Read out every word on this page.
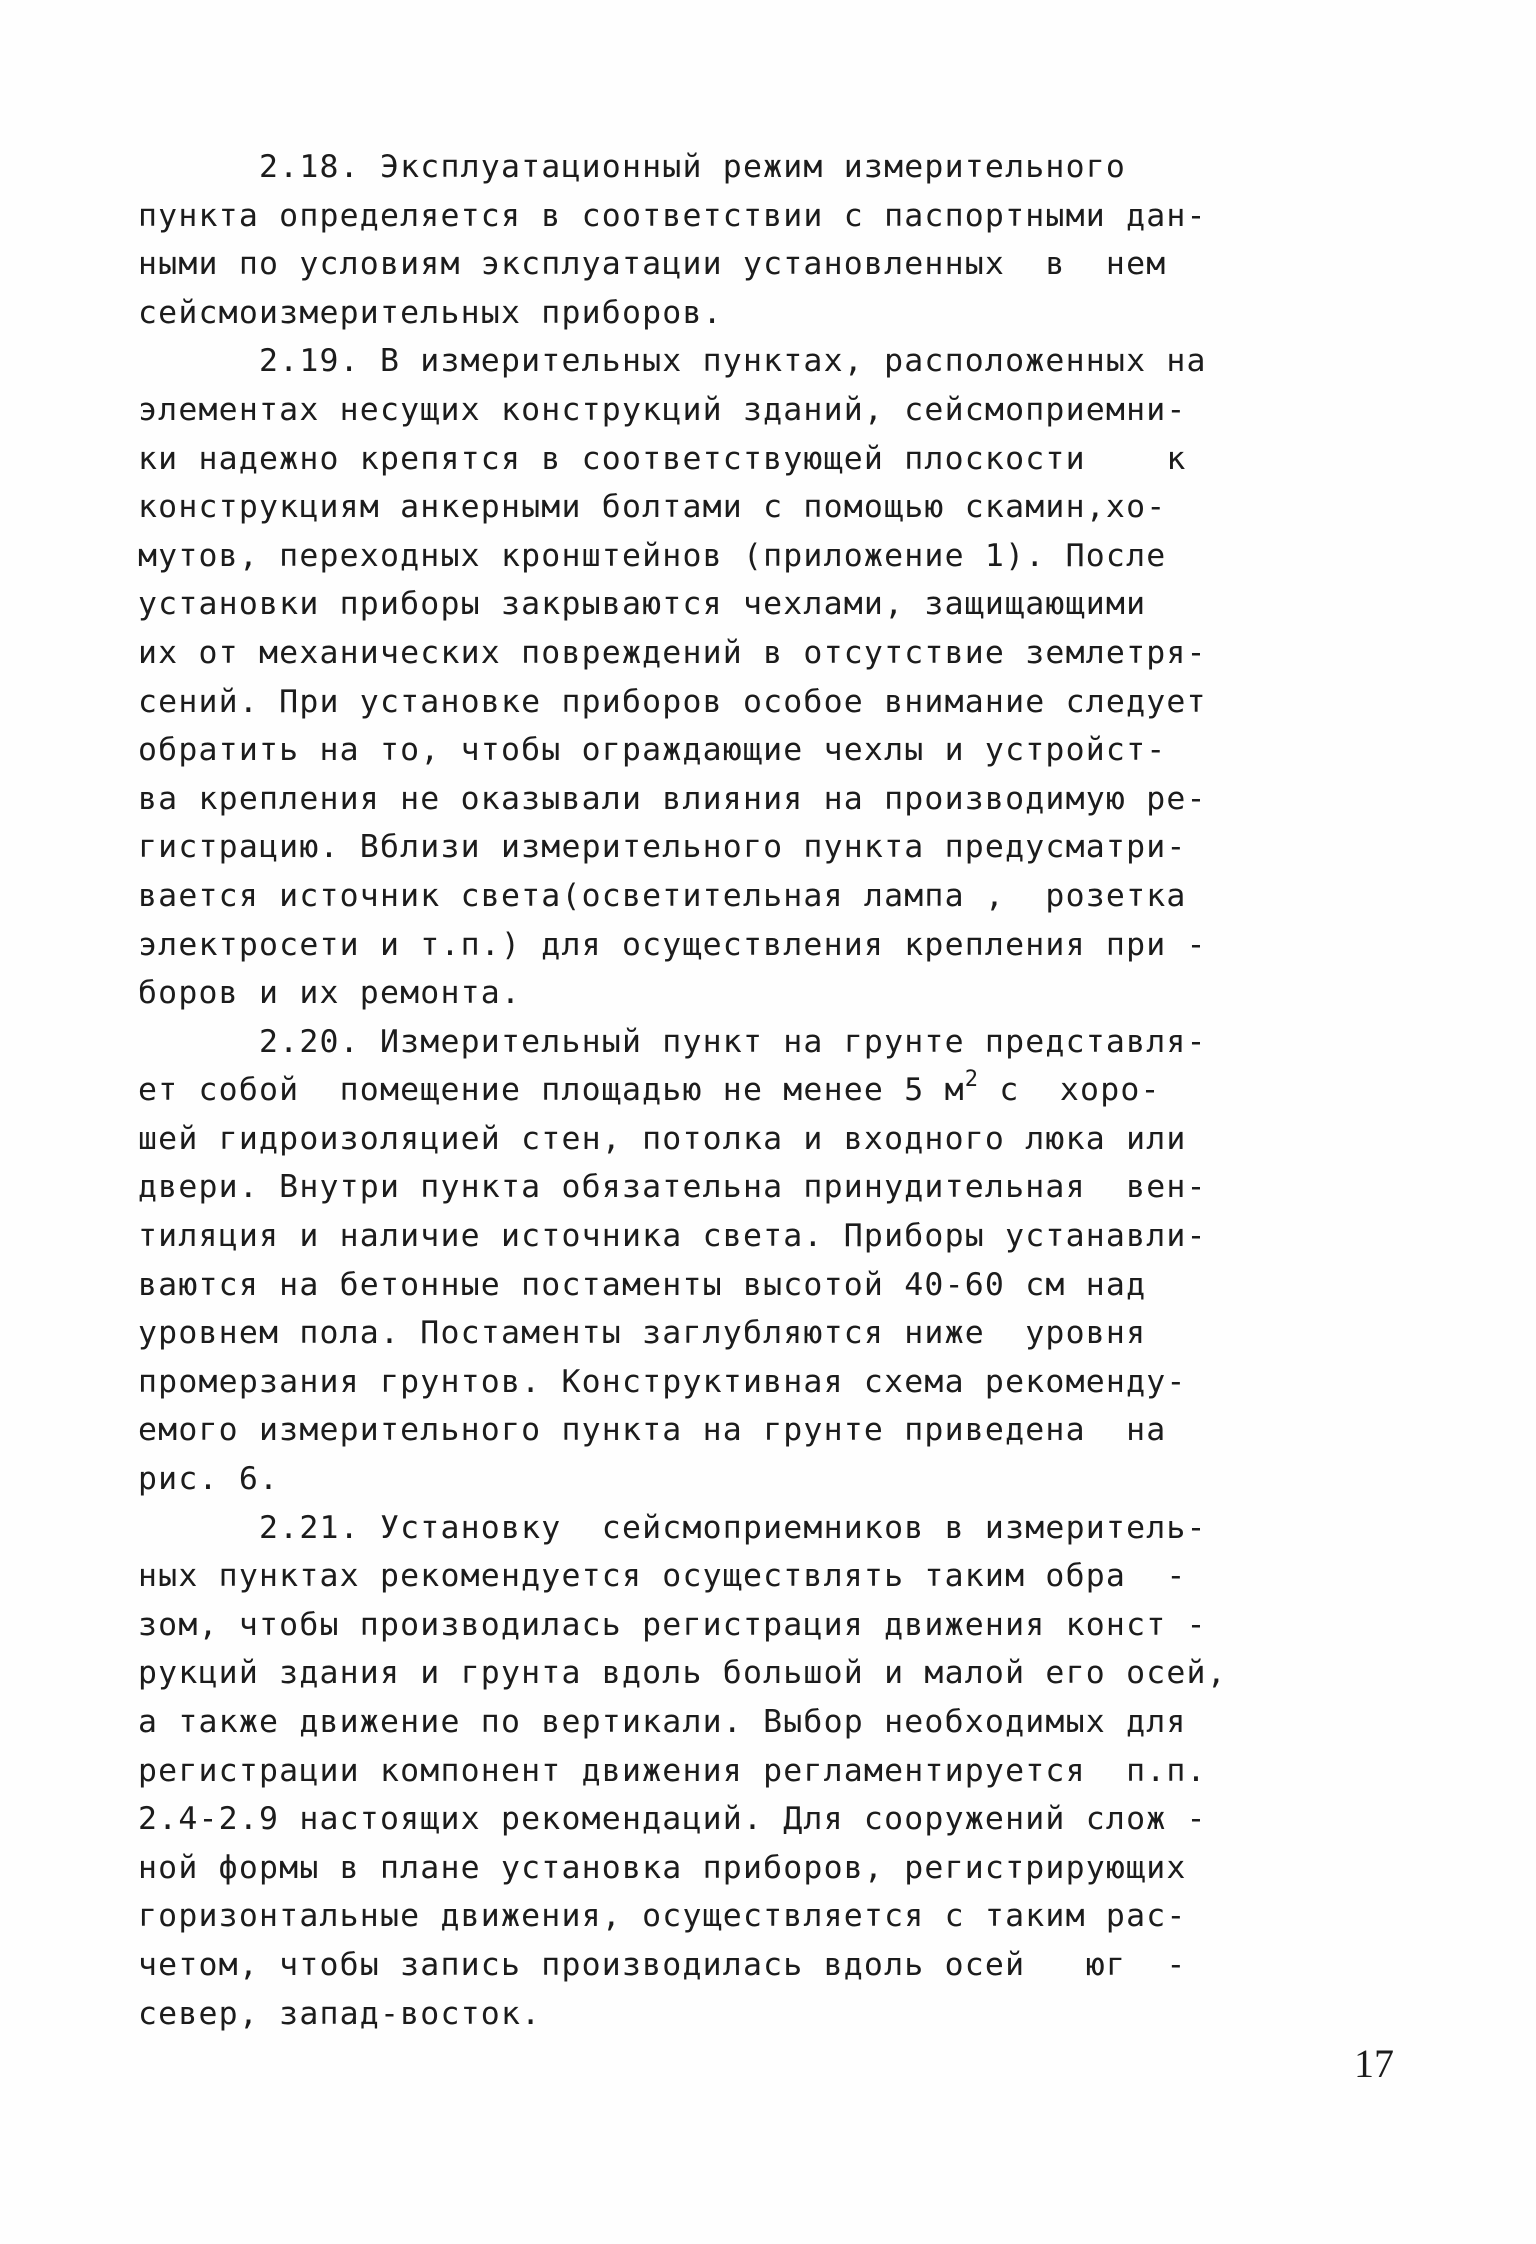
2.18. Эксплуатационный режим измерительного
пункта определяется в соответствии с паспортными дан-
ными по условиям эксплуатации установленных  в  нем
сейсмоизмерительных приборов.
2.19. В измерительных пунктах, расположенных на
элементах несущих конструкций зданий, сейсмоприемни-
ки надежно крепятся в соответствующей плоскости    к
конструкциям анкерными болтами с помощью скамин,хо-
мутов, переходных кронштейнов (приложение 1). После
установки приборы закрываются чехлами, защищающими
их от механических повреждений в отсутствие землетря-
сений. При установке приборов особое внимание следует
обратить на то, чтобы ограждающие чехлы и устройст-
ва крепления не оказывали влияния на производимую ре-
гистрацию. Вблизи измерительного пункта предусматри-
вается источник света(осветительная лампа ,  розетка
электросети и т.п.) для осуществления крепления при -
боров и их ремонта.
2.20. Измерительный пункт на грунте представля-
ет собой  помещение площадью не менее 5 $м^2$ с  хоро-
шей гидроизоляцией стен, потолка и входного люка или
двери. Внутри пункта обязательна принудительная  вен-
тиляция и наличие источника света. Приборы устанавли-
ваются на бетонные постаменты высотой 40-60 см над
уровнем пола. Постаменты заглубляются ниже  уровня
промерзания грунтов. Конструктивная схема рекоменду-
емого измерительного пункта на грунте приведена  на
рис. 6.
2.21. Установку  сейсмоприемников в измеритель-
ных пунктах рекомендуется осуществлять таким обра  -
зом, чтобы производилась регистрация движения конст -
рукций здания и грунта вдоль большой и малой его осей,
а также движение по вертикали. Выбор необходимых для
регистрации компонент движения регламентируется  п.п.
2.4-2.9 настоящих рекомендаций. Для сооружений слож -
ной формы в плане установка приборов, регистрирующих
горизонтальные движения, осуществляется с таким рас-
четом, чтобы запись производилась вдоль осей   юг  -
север, запад-восток.
17
